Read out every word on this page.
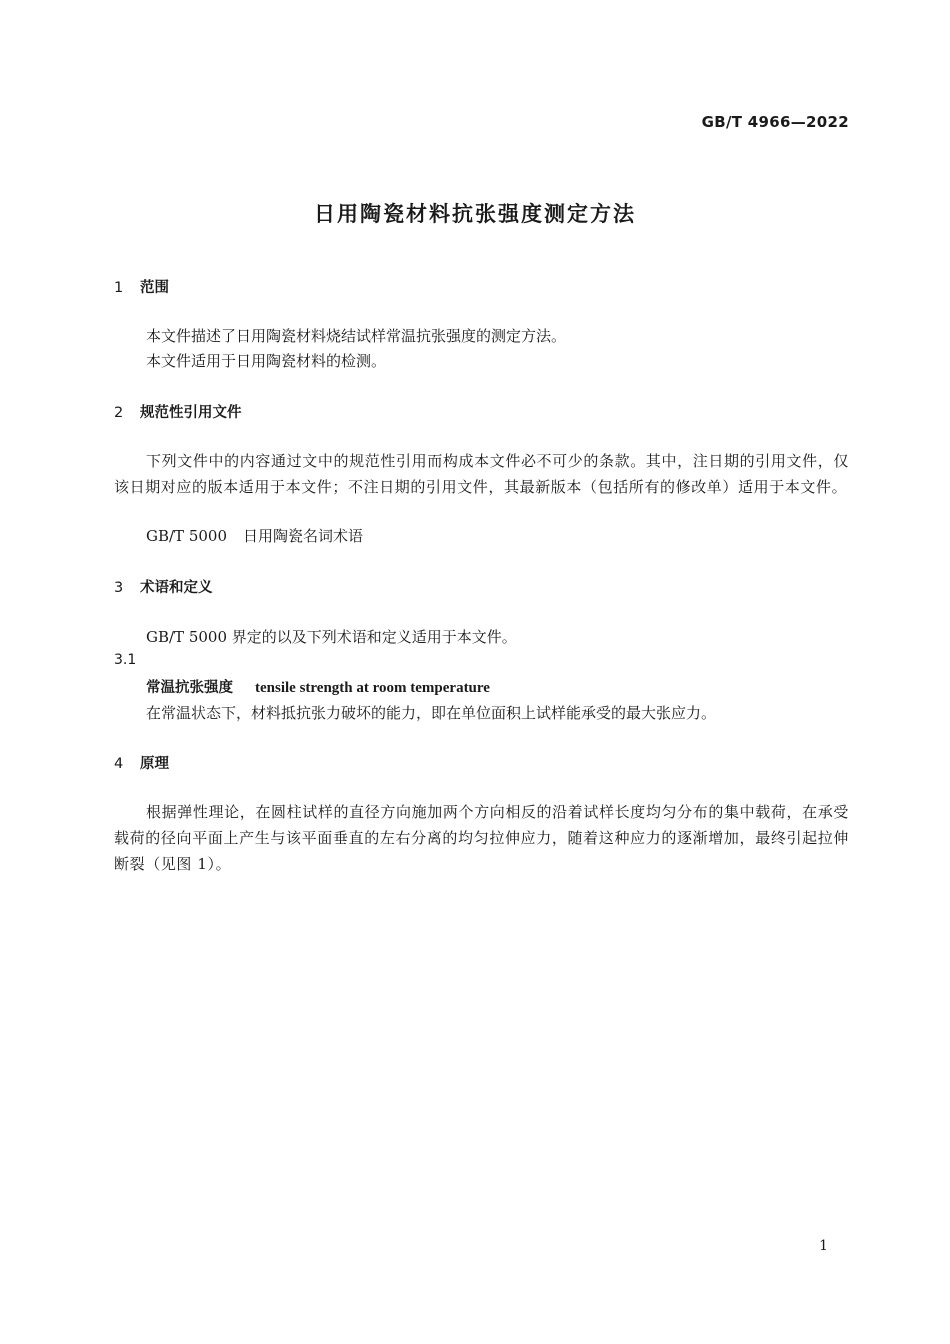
GB/T 4966—2022
日用陶瓷材料抗张强度测定方法
1 范围
本文件描述了日用陶瓷材料烧结试样常温抗张强度的测定方法。
本文件适用于日用陶瓷材料的检测。
2 规范性引用文件
下列文件中的内容通过文中的规范性引用而构成本文件必不可少的条款。其中，注日期的引用文件，仅该日期对应的版本适用于本文件；不注日期的引用文件，其最新版本（包括所有的修改单）适用于本文件。
GB/T 5000 日用陶瓷名词术语
3 术语和定义
GB/T 5000 界定的以及下列术语和定义适用于本文件。
3.1
常温抗张强度 tensile strength at room temperature
在常温状态下，材料抵抗张力破坏的能力，即在单位面积上试样能承受的最大张应力。
4 原理
根据弹性理论，在圆柱试样的直径方向施加两个方向相反的沿着试样长度均匀分布的集中载荷，在承受载荷的径向平面上产生与该平面垂直的左右分离的均匀拉伸应力，随着这种应力的逐渐增加，最终引起拉伸断裂（见图 1）。
1
